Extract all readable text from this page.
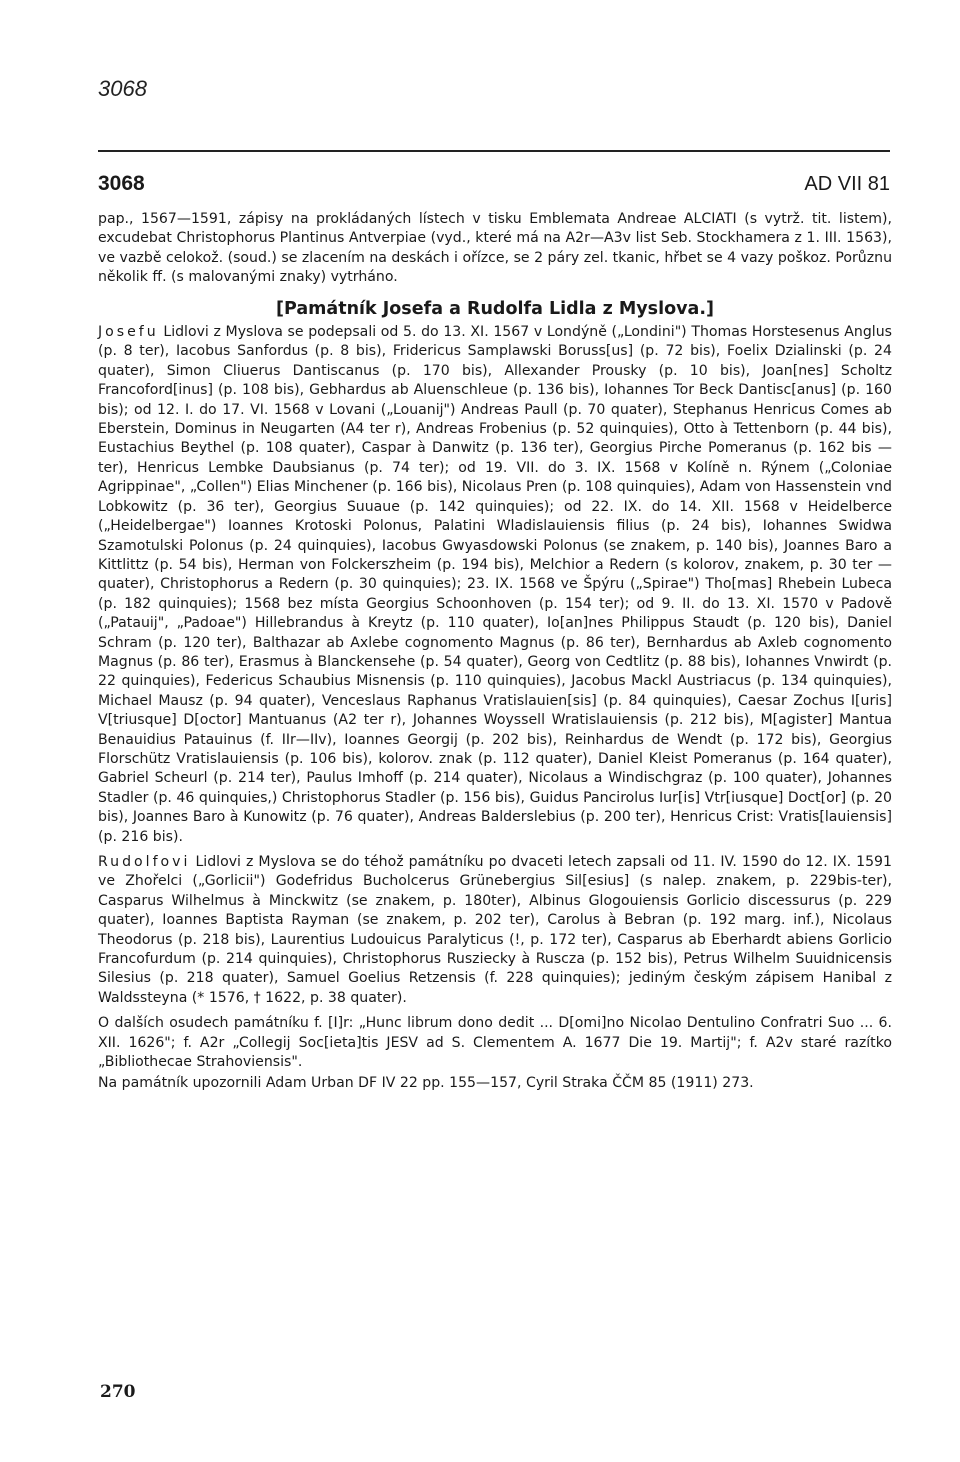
3068
3068	AD VII 81

pap., 1567—1591, zápisy na prokládaných lístech v tisku Emblemata Andreae ALCIATI (s vytrž. tit. listem), excudebat Christophorus Plantinus Antverpiae (vyd., které má na A2r—A3v list Seb. Stockhamera z 1. III. 1563), ve vazbě celokož. (soud.) se zlacením na deskách i ořízce, se 2 páry zel. tkanic, hřbet se 4 vazy poškoz. Porůznu několik ff. (s malovanými znaky) vytrháno.

[Památník Josefa a Rudolfa Lidla z Myslova.]

Josefu Lidlovi z Myslova se podepsali od 5. do 13. XI. 1567 v Londýně („Londini") Thomas Horstesenus Anglus (p. 8 ter), Iacobus Sanfordus (p. 8 bis), Fridericus Samplawski Boruss[us] (p. 72 bis), Foelix Dzialinski (p. 24 quater), Simon Cliuerus Dantiscanus (p. 170 bis), Allexander Prousky (p. 10 bis), Joan[nes] Scholtz Francoford[inus] (p. 108 bis), Gebhardus ab Aluenschleue (p. 136 bis), Iohannes Tor Beck Dantisc[anus] (p. 160 bis); od 12. I. do 17. VI. 1568 v Lovani („Louanij") Andreas Paull (p. 70 quater), Stephanus Henricus Comes ab Eberstein, Dominus in Neugarten (A4 ter r), Andreas Frobenius (p. 52 quinquies), Otto à Tettenborn (p. 44 bis), Eustachius Beythel (p. 108 quater), Caspar à Danwitz (p. 136 ter), Georgius Pirche Pomeranus (p. 162 bis — ter), Henricus Lembke Daubsianus (p. 74 ter); od 19. VII. do 3. IX. 1568 v Kolíně n. Rýnem („Coloniae Agrippinae", „Collen") Elias Minchener (p. 166 bis), Nicolaus Pren (p. 108 quinquies), Adam von Hassenstein vnd Lobkowitz (p. 36 ter), Georgius Suuaue (p. 142 quinquies); od 22. IX. do 14. XII. 1568 v Heidelberce („Heidelbergae") Ioannes Krotoski Polonus, Palatini Wladislauiensis filius (p. 24 bis), Iohannes Swidwa Szamotulski Polonus (p. 24 quinquies), Iacobus Gwyasdowski Polonus (se znakem, p. 140 bis), Joannes Baro a Kittlittz (p. 54 bis), Herman von Folckerszheim (p. 194 bis), Melchior a Redern (s kolorov, znakem, p. 30 ter — quater), Christophorus a Redern (p. 30 quinquies); 23. IX. 1568 ve Špýru („Spirae") Tho[mas] Rhebein Lubeca (p. 182 quinquies); 1568 bez místa Georgius Schoonhoven (p. 154 ter); od 9. II. do 13. XI. 1570 v Padově („Patauij", „Padoae") Hillebrandus à Kreytz (p. 110 quater), Io[an]nes Philippus Staudt (p. 120 bis), Daniel Schram (p. 120 ter), Balthazar ab Axlebe cognomento Magnus (p. 86 ter), Bernhardus ab Axleb cognomento Magnus (p. 86 ter), Erasmus à Blanckensehe (p. 54 quater), Georg von Cedtlitz (p. 88 bis), Iohannes Vnwirdt (p. 22 quinquies), Federicus Schaubius Misnensis (p. 110 quinquies), Jacobus Mackl Austriacus (p. 134 quinquies), Michael Mausz (p. 94 quater), Venceslaus Raphanus Vratislauien[sis] (p. 84 quinquies), Caesar Zochus I[uris] V[triusque] D[octor] Mantuanus (A2 ter r), Johannes Woyssell Wratislauiensis (p. 212 bis), M[agister] Mantua Benauidius Patauinus (f. IIr—IIv), Ioannes Georgij (p. 202 bis), Reinhardus de Wendt (p. 172 bis), Georgius Florschütz Vratislauiensis (p. 106 bis), kolorov. znak (p. 112 quater), Daniel Kleist Pomeranus (p. 164 quater), Gabriel Scheurl (p. 214 ter), Paulus Imhoff (p. 214 quater), Nicolaus a Windischgraz (p. 100 quater), Johannes Stadler (p. 46 quinquies,) Christophorus Stadler (p. 156 bis), Guidus Pancirolus Iur[is] Vtr[iusque] Doct[or] (p. 20 bis), Joannes Baro à Kunowitz (p. 76 quater), Andreas Balderslebius (p. 200 ter), Henricus Crist: Vratis[lauiensis] (p. 216 bis).

Rudolfovi Lidlovi z Myslova se do téhož památníku po dvaceti letech zapsali od 11. IV. 1590 do 12. IX. 1591 ve Zhořelci („Gorlicii") Godefridus Bucholcerus Grünebergius Sil[esius] (s nalep. znakem, p. 229bis-ter), Casparus Wilhelmus à Minckwitz (se znakem, p. 180ter), Albinus Glogouiensis Gorlicio discessurus (p. 229 quater), Ioannes Baptista Rayman (se znakem, p. 202 ter), Carolus à Bebran (p. 192 marg. inf.), Nicolaus Theodorus (p. 218 bis), Laurentius Ludouicus Paralyticus (!, p. 172 ter), Casparus ab Eberhardt abiens Gorlicio Francofurdum (p. 214 quinquies), Christophorus Rusziecky à Ruscza (p. 152 bis), Petrus Wilhelm Suuidnicensis Silesius (p. 218 quater), Samuel Goelius Retzensis (f. 228 quinquies); jediným českým zápisem Hanibal z Waldssteyna (* 1576, † 1622, p. 38 quater).

O dalších osudech památníku f. [I]r: „Hunc librum dono dedit ... D[omi]no Nicolao Dentulino Confratri Suo ... 6. XII. 1626"; f. A2r „Collegij Soc[ieta]tis JESV ad S. Clementem A. 1677 Die 19. Martij"; f. A2v staré razítko „Bibliothecae Strahoviensis".

Na památník upozornili Adam Urban DF IV 22 pp. 155—157, Cyril Straka ČČM 85 (1911) 273.

270
